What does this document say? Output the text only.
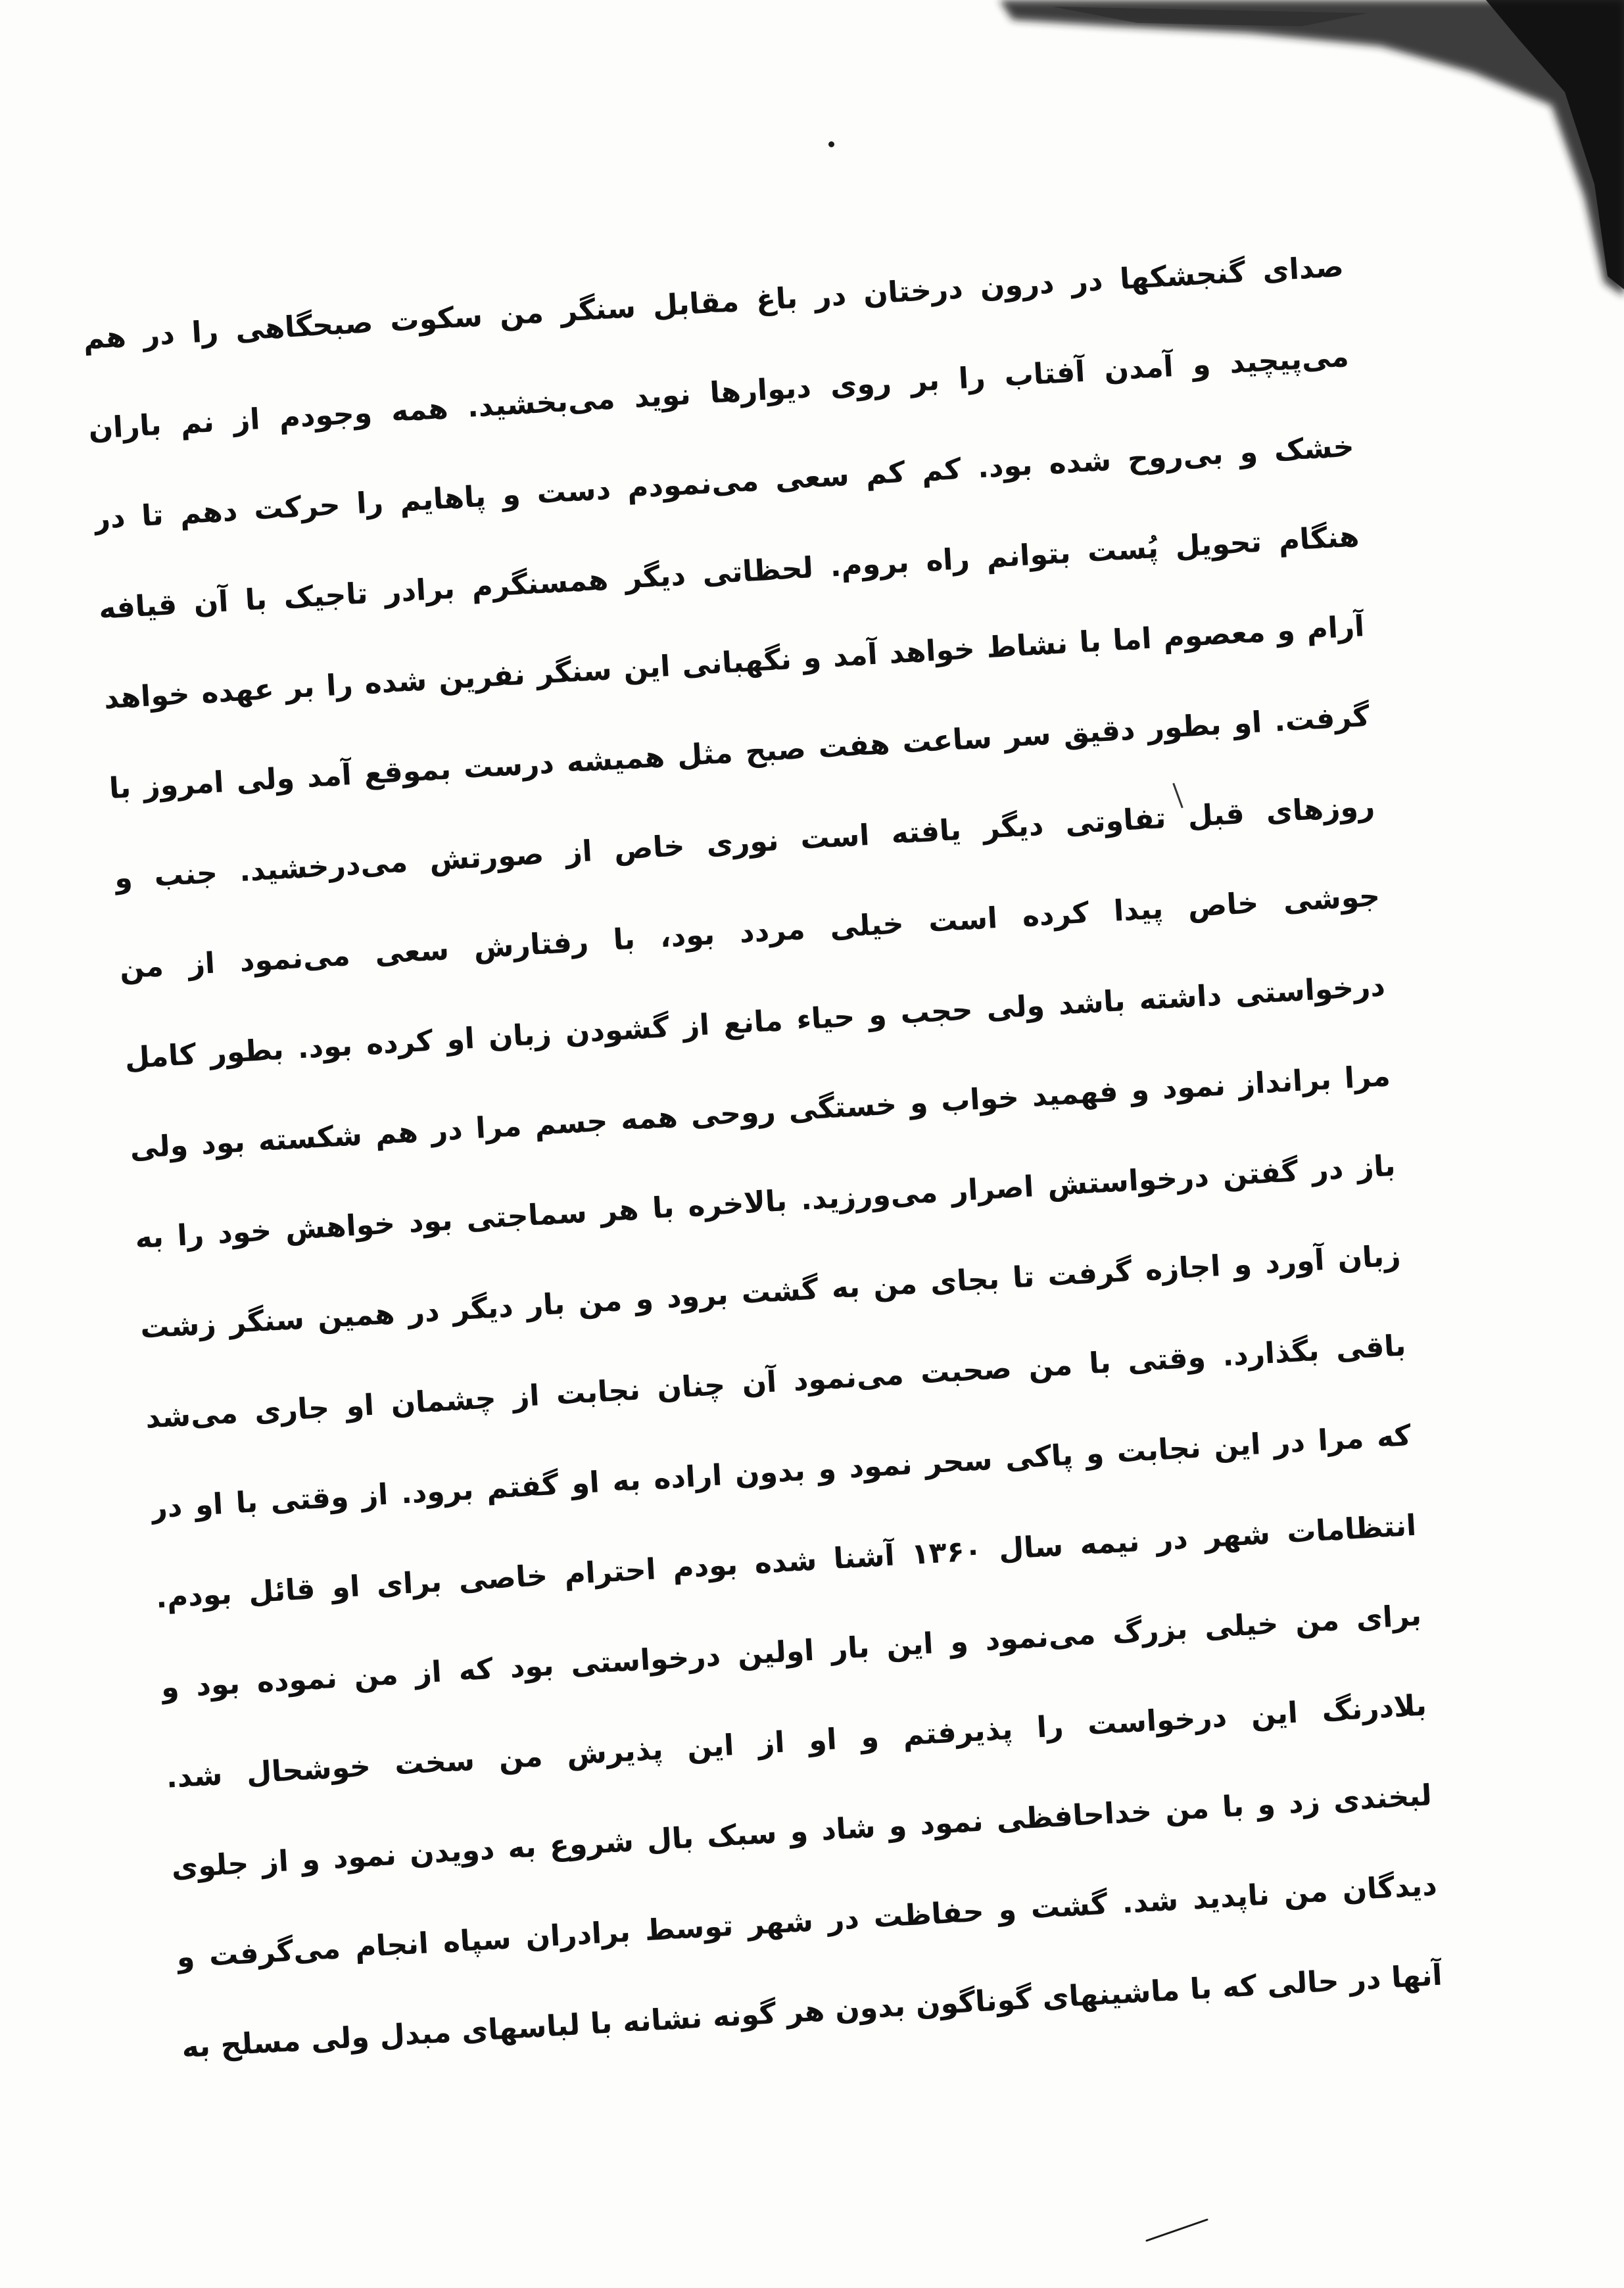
صدای گنجشکها در درون درختان در باغ مقابل سنگر من سکوت صبحگاهی را در هم
می‌پیچید و آمدن آفتاب را بر روی دیوارها نوید می‌بخشید. همه وجودم از نم باران
خشک و بی‌روح شده بود. کم کم سعی می‌نمودم دست و پاهایم را حرکت دهم تا در
هنگام تحویل پُست بتوانم راه بروم. لحظاتی دیگر همسنگرم برادر تاجیک با آن قیافه
آرام و معصوم اما با نشاط خواهد آمد و نگهبانی این سنگر نفرین شده را بر عهده خواهد
گرفت. او بطور دقیق سر ساعت هفت صبح مثل همیشه درست بموقع آمد ولی امروز با
روزهای قبل تفاوتی دیگر یافته است نوری خاص از صورتش می‌درخشید. جنب و
جوشی خاص پیدا کرده است خیلی مردد بود، با رفتارش سعی می‌نمود از من
درخواستی داشته باشد ولی حجب و حیاء مانع از گشودن زبان او کرده بود. بطور کامل
مرا برانداز نمود و فهمید خواب و خستگی روحی همه جسم مرا در هم شکسته بود ولی
باز در گفتن درخواستش اصرار می‌ورزید. بالاخره با هر سماجتی بود خواهش خود را به
زبان آورد و اجازه گرفت تا بجای من به گشت برود و من بار دیگر در همین سنگر زشت
باقی بگذارد. وقتی با من صحبت می‌نمود آن چنان نجابت از چشمان او جاری می‌شد
که مرا در این نجابت و پاکی سحر نمود و بدون اراده به او گفتم برود. از وقتی با او در
انتظامات شهر در نیمه سال ۱۳۶۰ آشنا شده بودم احترام خاصی برای او قائل بودم.
برای من خیلی بزرگ می‌نمود و این بار اولین درخواستی بود که از من نموده بود و
بلادرنگ این درخواست را پذیرفتم و او از این پذیرش من سخت خوشحال شد.
لبخندی زد و با من خداحافظی نمود و شاد و سبک بال شروع به دویدن نمود و از جلوی
دیدگان من ناپدید شد. گشت و حفاظت در شهر توسط برادران سپاه انجام می‌گرفت و
آنها در حالی که با ماشینهای گوناگون بدون هر گونه نشانه با لباسهای مبدل ولی مسلح به
